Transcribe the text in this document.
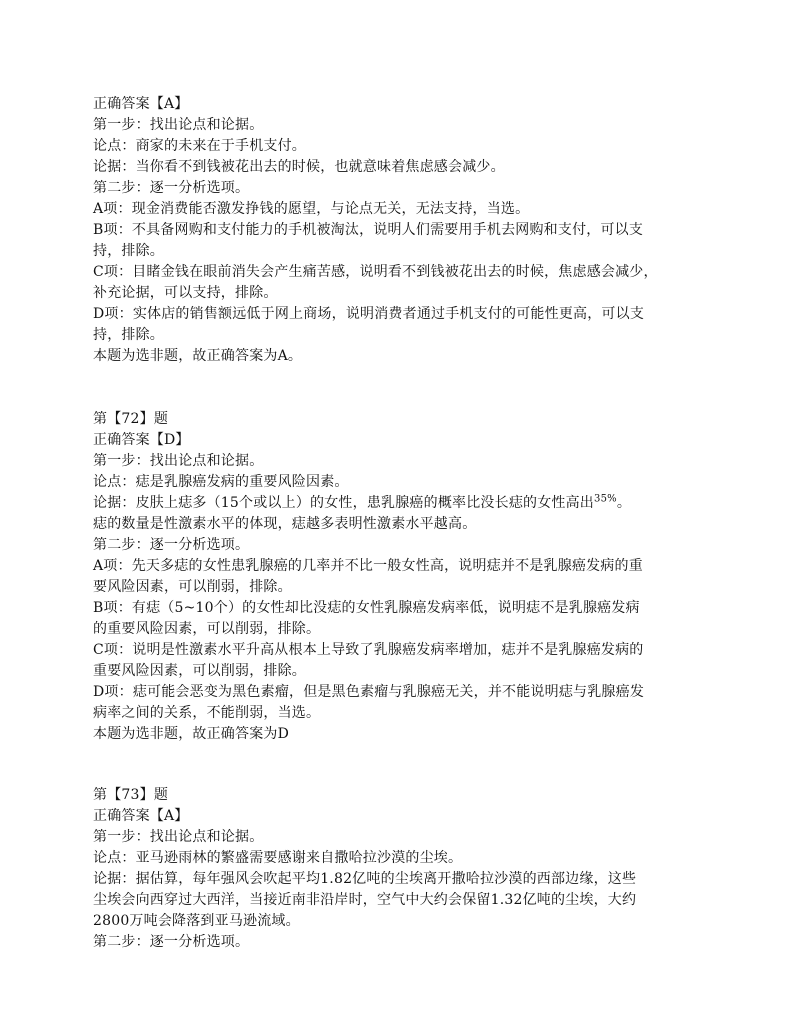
正确答案【A】
第一步：找出论点和论据。
论点：商家的未来在于手机支付。
论据：当你看不到钱被花出去的时候，也就意味着焦虑感会减少。
第二步：逐一分析选项。
A项：现金消费能否激发挣钱的愿望，与论点无关，无法支持，当选。
B项：不具备网购和支付能力的手机被淘汰，说明人们需要用手机去网购和支付，可以支
持，排除。
C项：目睹金钱在眼前消失会产生痛苦感，说明看不到钱被花出去的时候，焦虑感会减少，
补充论据，可以支持，排除。
D项：实体店的销售额远低于网上商场，说明消费者通过手机支付的可能性更高，可以支
持，排除。
本题为选非题，故正确答案为A。
第【72】题
正确答案【D】
第一步：找出论点和论据。
论点：痣是乳腺癌发病的重要风险因素。
论据：皮肤上痣多（15个或以上）的女性，患乳腺癌的概率比没长痣的女性高出$^{35\%}$。
痣的数量是性激素水平的体现，痣越多表明性激素水平越高。
第二步：逐一分析选项。
A项：先天多痣的女性患乳腺癌的几率并不比一般女性高，说明痣并不是乳腺癌发病的重
要风险因素，可以削弱，排除。
B项：有痣（5~10个）的女性却比没痣的女性乳腺癌发病率低，说明痣不是乳腺癌发病
的重要风险因素，可以削弱，排除。
C项：说明是性激素水平升高从根本上导致了乳腺癌发病率增加，痣并不是乳腺癌发病的
重要风险因素，可以削弱，排除。
D项：痣可能会恶变为黑色素瘤，但是黑色素瘤与乳腺癌无关，并不能说明痣与乳腺癌发
病率之间的关系，不能削弱，当选。
本题为选非题，故正确答案为D
第【73】题
正确答案【A】
第一步：找出论点和论据。
论点：亚马逊雨林的繁盛需要感谢来自撒哈拉沙漠的尘埃。
论据：据估算，每年强风会吹起平均1.82亿吨的尘埃离开撒哈拉沙漠的西部边缘，这些
尘埃会向西穿过大西洋，当接近南非沿岸时，空气中大约会保留1.32亿吨的尘埃，大约
2800万吨会降落到亚马逊流域。
第二步：逐一分析选项。
